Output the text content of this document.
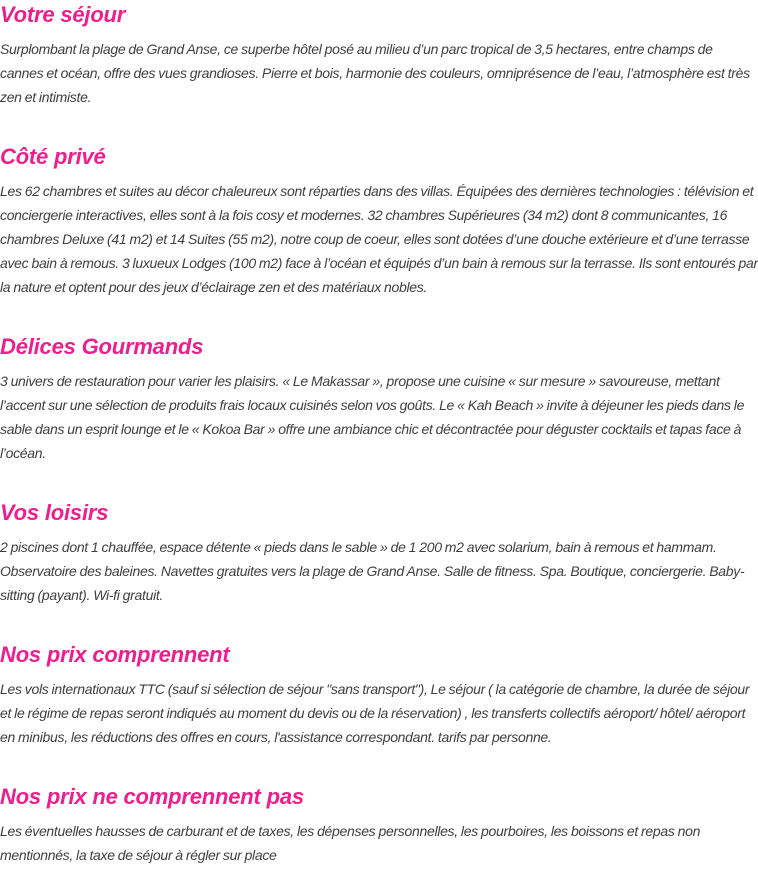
Votre séjour

Surplombant la plage de Grand Anse, ce superbe hôtel posé au milieu d’un parc tropical de 3,5 hectares, entre champs de cannes et océan, offre des vues grandioses. Pierre et bois, harmonie des couleurs, omniprésence de l’eau, l’atmosphère est très zen et intimiste.

Côté privé

Les 62 chambres et suites au décor chaleureux sont réparties dans des villas. Équipées des dernières technologies : télévision et conciergerie interactives, elles sont à la fois cosy et modernes. 32 chambres Supérieures (34 m2) dont 8 communicantes, 16 chambres Deluxe (41 m2) et 14 Suites (55 m2), notre coup de coeur, elles sont dotées d’une douche extérieure et d’une terrasse avec bain à remous. 3 luxueux Lodges (100 m2) face à l’océan et équipés d’un bain à remous sur la terrasse. Ils sont entourés par la nature et optent pour des jeux d’éclairage zen et des matériaux nobles.

Délices Gourmands

3 univers de restauration pour varier les plaisirs. « Le Makassar », propose une cuisine « sur mesure » savoureuse, mettant l’accent sur une sélection de produits frais locaux cuisinés selon vos goûts. Le « Kah Beach » invite à déjeuner les pieds dans le sable dans un esprit lounge et le « Kokoa Bar » offre une ambiance chic et décontractée pour déguster cocktails et tapas face à l’océan.

Vos loisirs

2 piscines dont 1 chauffée, espace détente « pieds dans le sable » de 1 200 m2 avec solarium, bain à remous et hammam. Observatoire des baleines. Navettes gratuites vers la plage de Grand Anse. Salle de fitness. Spa. Boutique, conciergerie. Baby-sitting (payant). Wi-fi gratuit.

Nos prix comprennent

Les vols internationaux TTC (sauf si sélection de séjour "sans transport"), Le séjour ( la catégorie de chambre, la durée de séjour et le régime de repas seront indiqués au moment du devis ou de la réservation) , les transferts collectifs aéroport/ hôtel/ aéroport en minibus, les réductions des offres en cours, l'assistance correspondant. tarifs par personne.

Nos prix ne comprennent pas

Les éventuelles hausses de carburant et de taxes, les dépenses personnelles, les pourboires, les boissons et repas non mentionnés, la taxe de séjour à régler sur place
